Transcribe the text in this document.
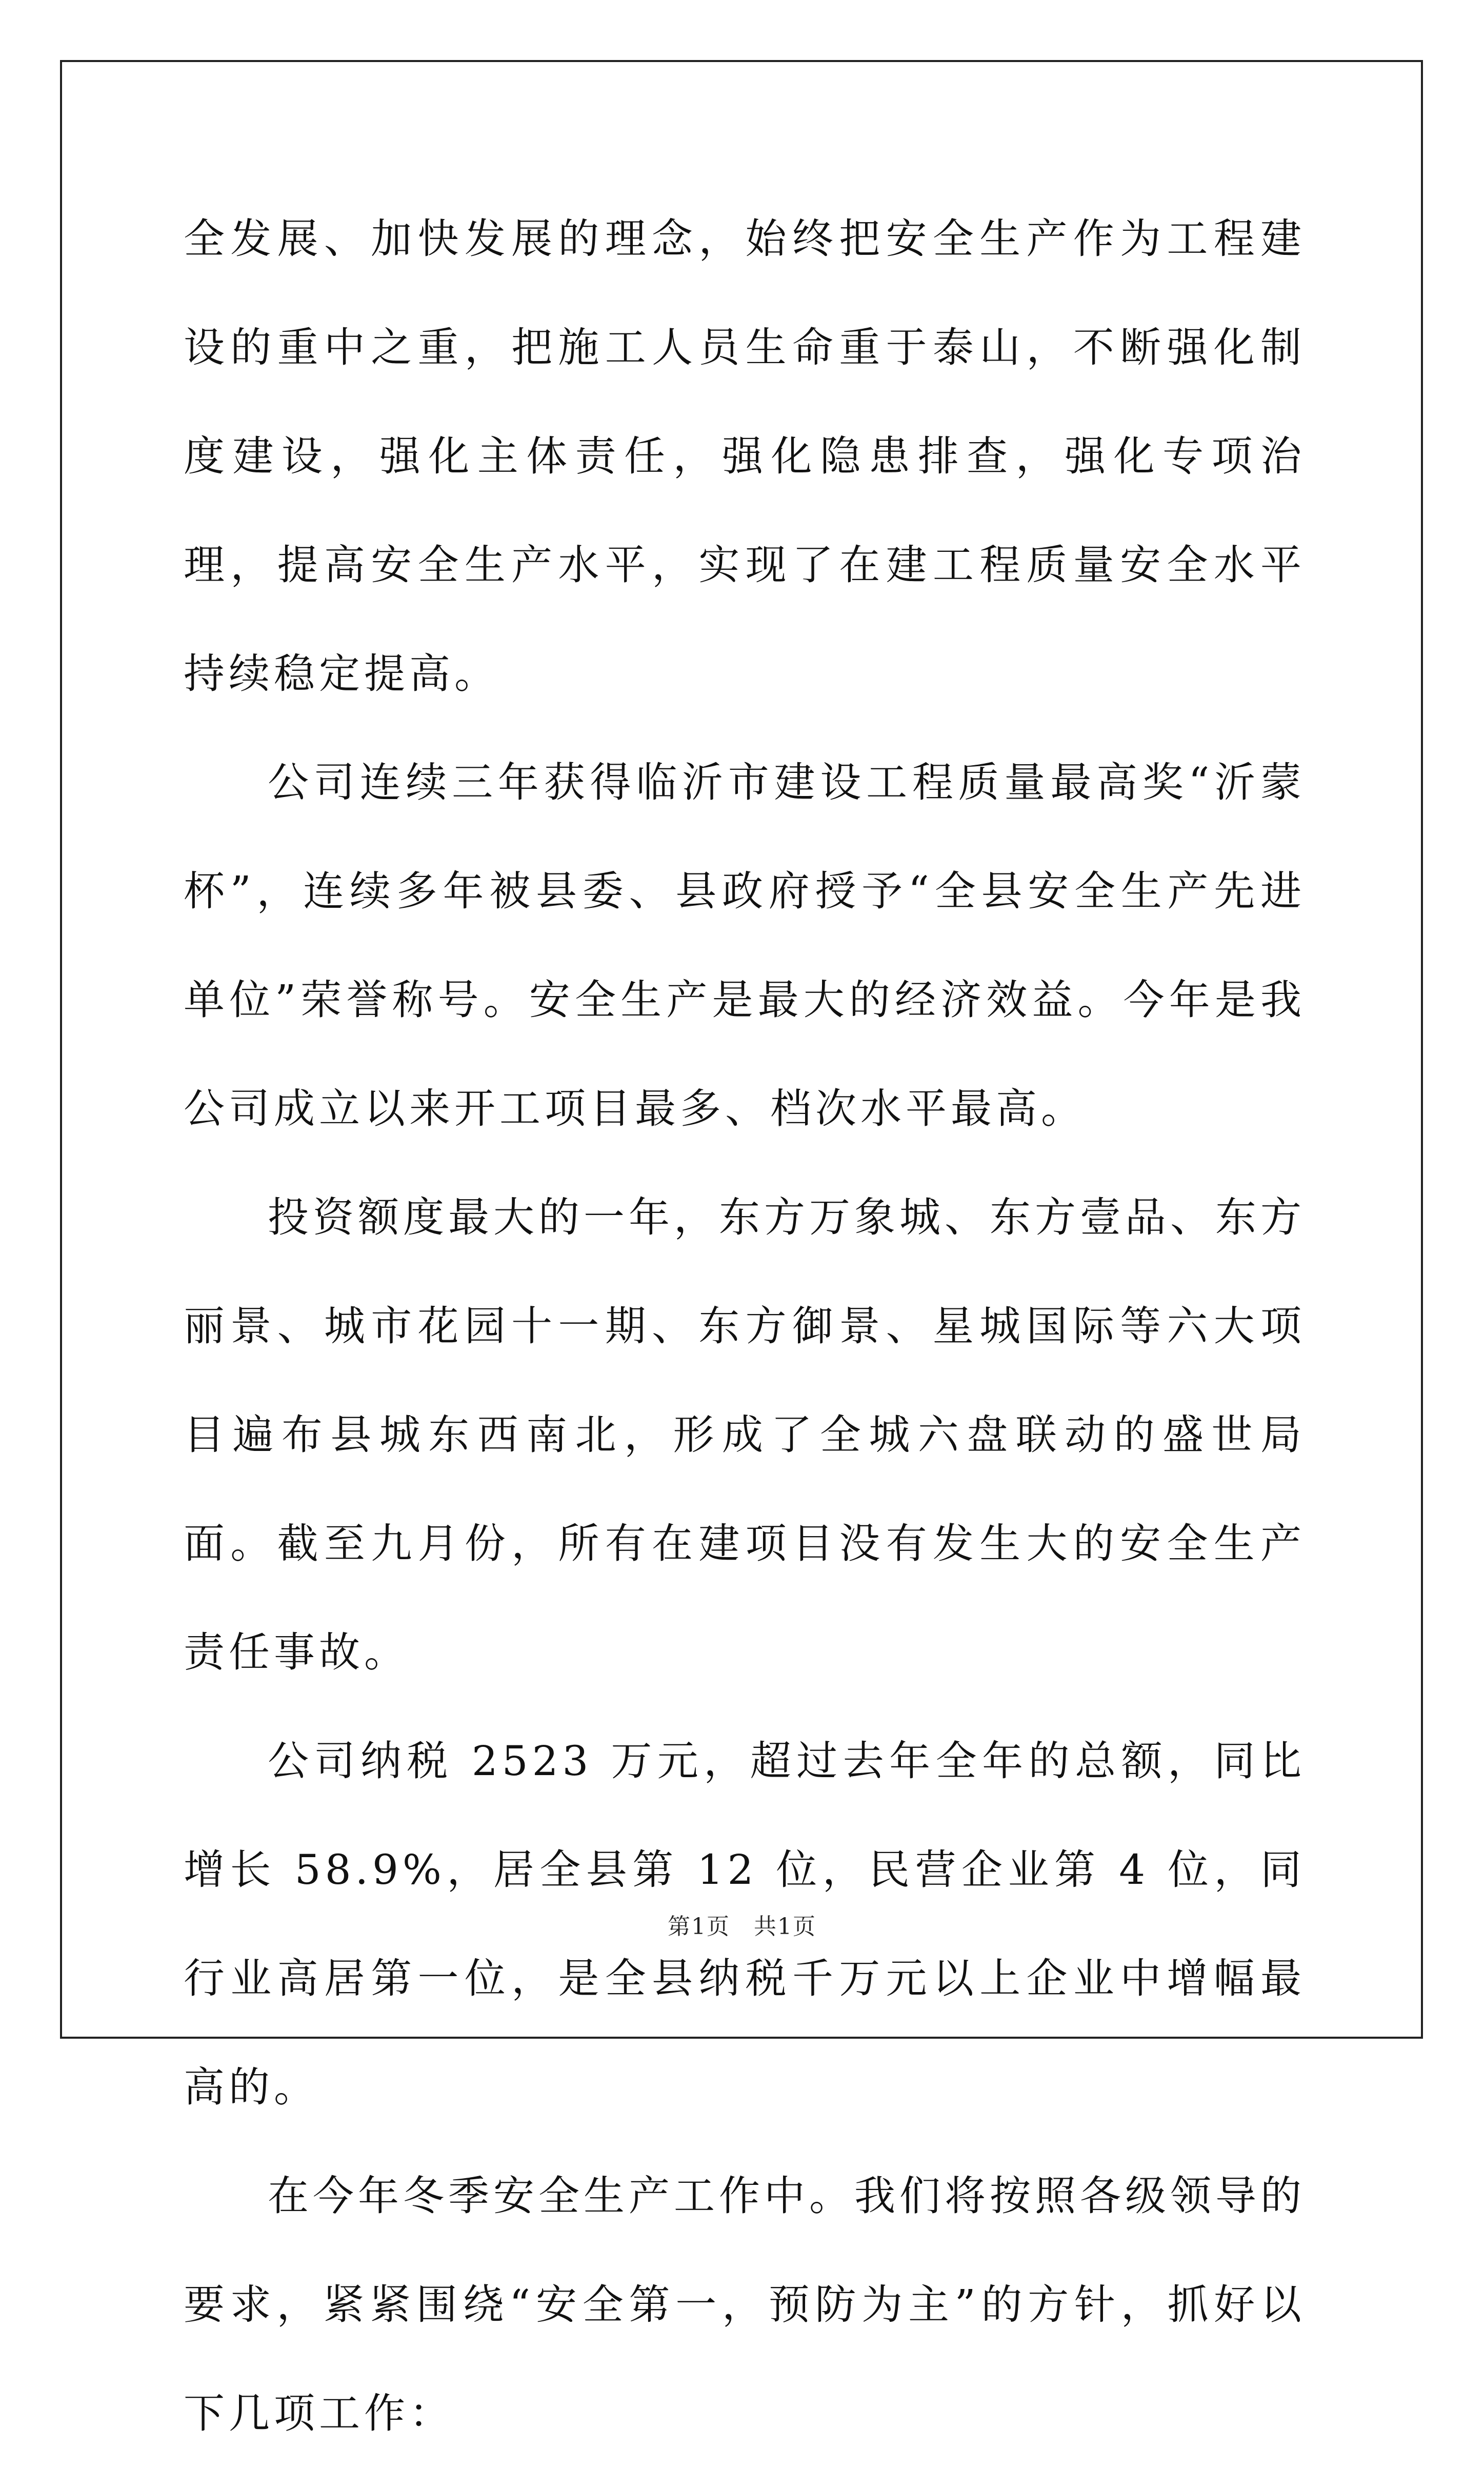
全发展、加快发展的理念，始终把安全生产作为工程建设的重中之重，把施工人员生命重于泰山，不断强化制度建设，强化主体责任，强化隐患排查，强化专项治理，提高安全生产水平，实现了在建工程质量安全水平持续稳定提高。

公司连续三年获得临沂市建设工程质量最高奖“沂蒙杯”，连续多年被县委、县政府授予“全县安全生产先进单位”荣誉称号。安全生产是最大的经济效益。今年是我公司成立以来开工项目最多、档次水平最高。

投资额度最大的一年，东方万象城、东方壹品、东方丽景、城市花园十一期、东方御景、星城国际等六大项目遍布县城东西南北，形成了全城六盘联动的盛世局面。截至九月份，所有在建项目没有发生大的安全生产责任事故。

公司纳税 2523 万元，超过去年全年的总额，同比增长 58.9%，居全县第 12 位，民营企业第 4 位，同行业高居第一位，是全县纳税千万元以上企业中增幅最高的。

在今年冬季安全生产工作中。我们将按照各级领导的要求，紧紧围绕“安全第一，预防为主”的方针，抓好以下几项工作：

第1页　共1页
